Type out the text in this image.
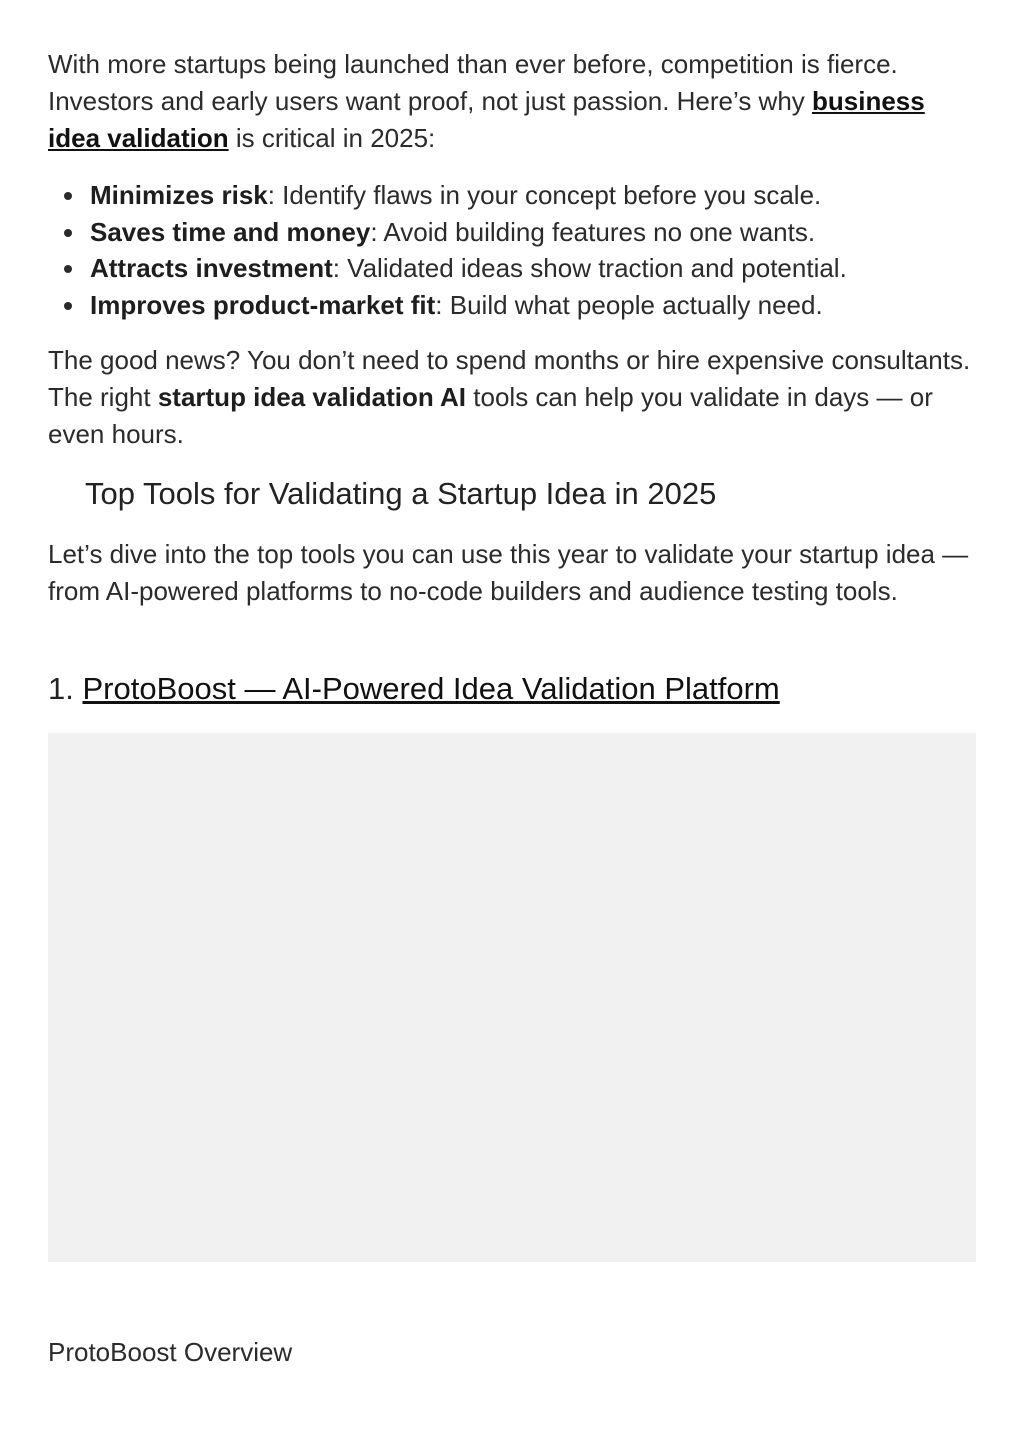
With more startups being launched than ever before, competition is fierce. Investors and early users want proof, not just passion. Here’s why business idea validation is critical in 2025:

Minimizes risk: Identify flaws in your concept before you scale.
Saves time and money: Avoid building features no one wants.
Attracts investment: Validated ideas show traction and potential.
Improves product-market fit: Build what people actually need.

The good news? You don’t need to spend months or hire expensive consultants. The right startup idea validation AI tools can help you validate in days — or even hours.

Top Tools for Validating a Startup Idea in 2025

Let’s dive into the top tools you can use this year to validate your startup idea — from AI-powered platforms to no-code builders and audience testing tools.

1. ProtoBoost — AI-Powered Idea Validation Platform

ProtoBoost Overview
